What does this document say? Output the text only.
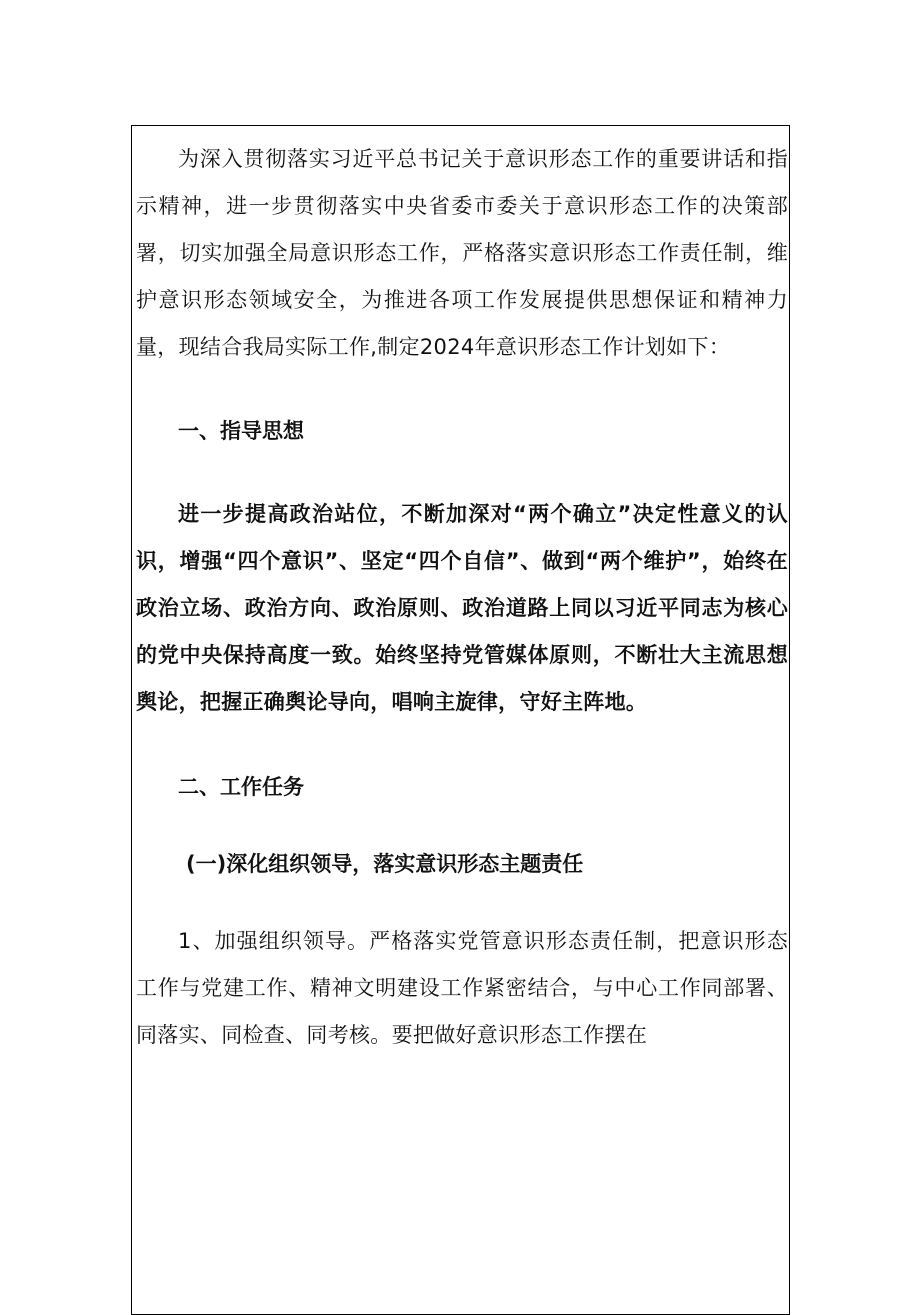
为深入贯彻落实习近平总书记关于意识形态工作的重要讲话和指示精神，进一步贯彻落实中央省委市委关于意识形态工作的决策部署，切实加强全局意识形态工作，严格落实意识形态工作责任制，维护意识形态领域安全，为推进各项工作发展提供思想保证和精神力量，现结合我局实际工作,制定2024年意识形态工作计划如下：

一、指导思想

进一步提高政治站位，不断加深对“两个确立”决定性意义的认识，增强“四个意识”、坚定“四个自信”、做到“两个维护”，始终在政治立场、政治方向、政治原则、政治道路上同以习近平同志为核心的党中央保持高度一致。始终坚持党管媒体原则，不断壮大主流思想舆论，把握正确舆论导向，唱响主旋律，守好主阵地。

二、工作任务

(一)深化组织领导，落实意识形态主题责任

1、加强组织领导。严格落实党管意识形态责任制，把意识形态工作与党建工作、精神文明建设工作紧密结合，与中心工作同部署、同落实、同检查、同考核。要把做好意识形态工作摆在
